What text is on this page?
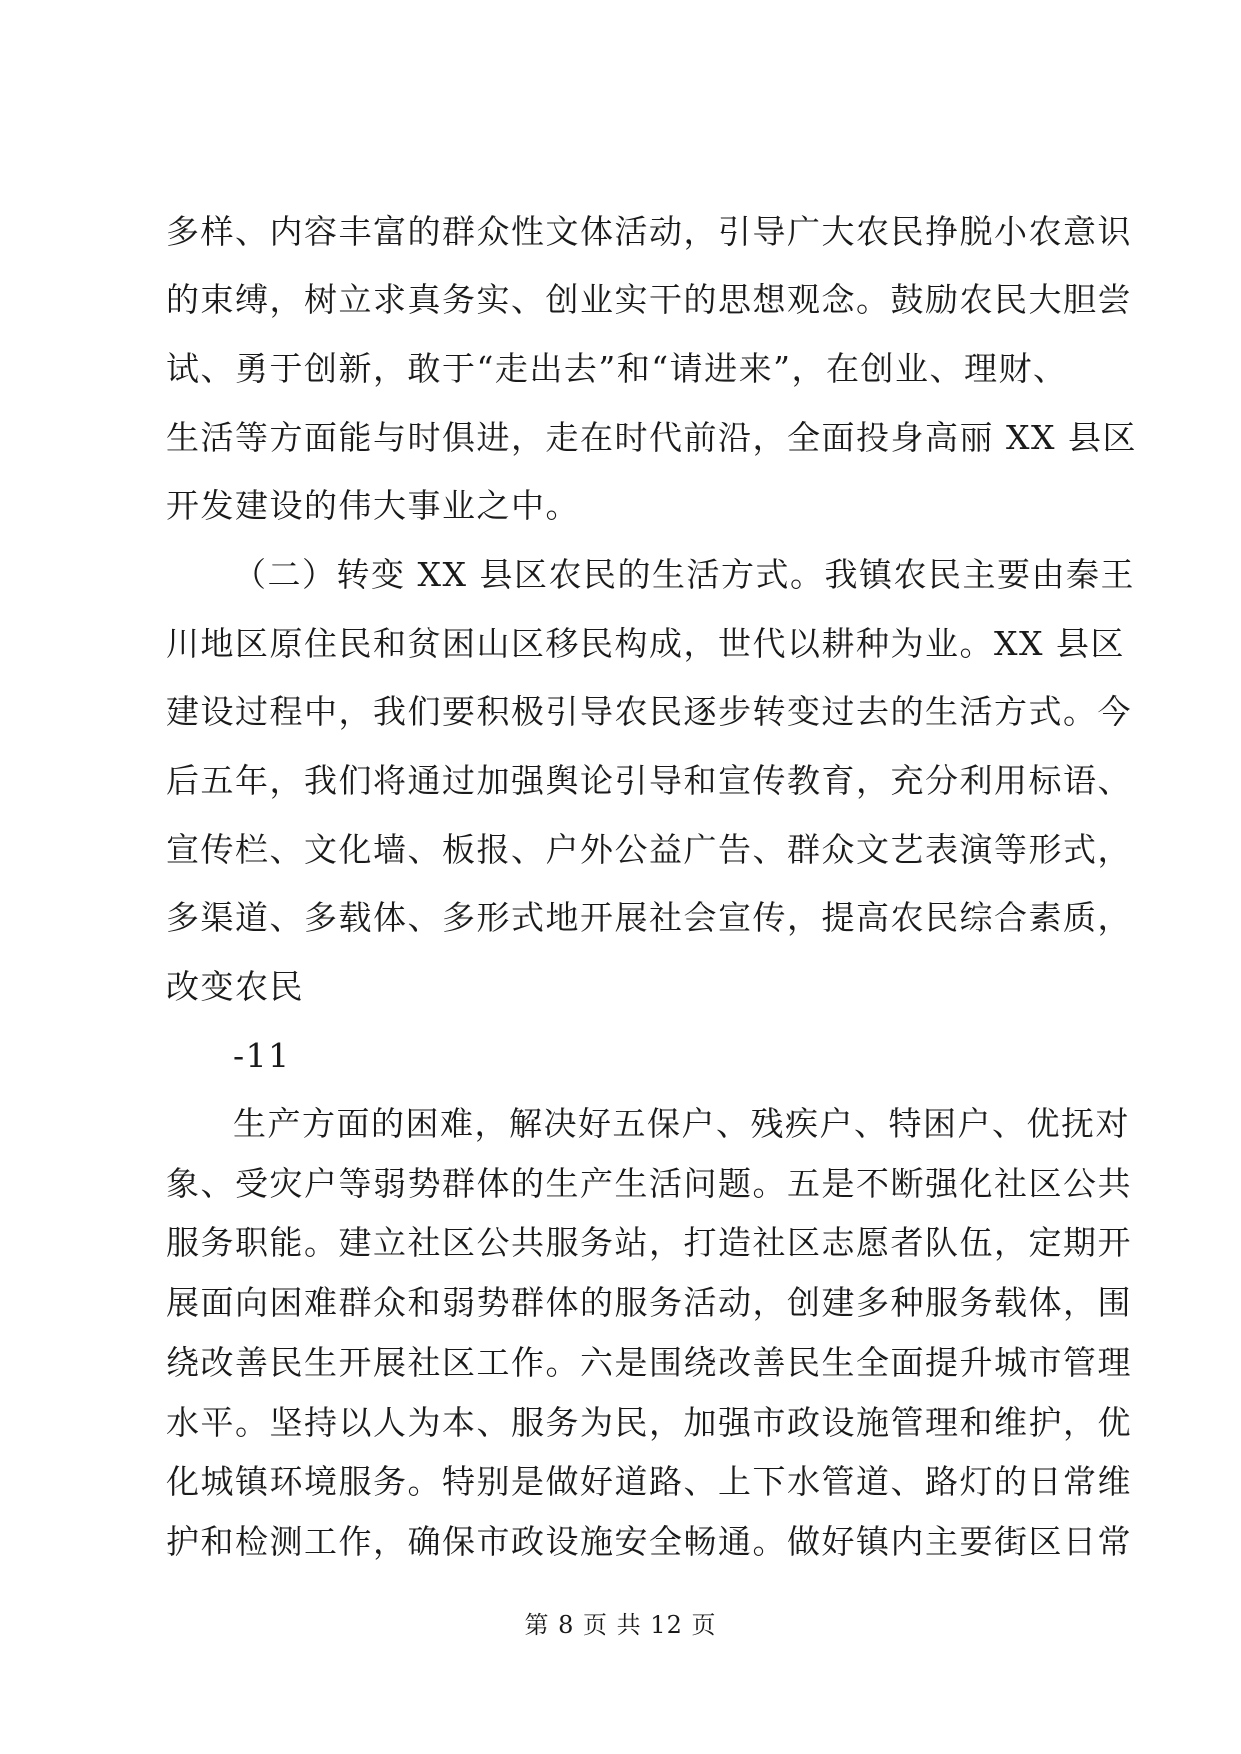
多样、内容丰富的群众性文体活动，引导广大农民挣脱小农意识
的束缚，树立求真务实、创业实干的思想观念。鼓励农民大胆尝
试、勇于创新，敢于“走出去”和“请进来”，在创业、理财、
生活等方面能与时俱进，走在时代前沿，全面投身高丽 XX 县区
开发建设的伟大事业之中。
（二）转变 XX 县区农民的生活方式。我镇农民主要由秦王
川地区原住民和贫困山区移民构成，世代以耕种为业。XX 县区
建设过程中，我们要积极引导农民逐步转变过去的生活方式。今
后五年，我们将通过加强舆论引导和宣传教育，充分利用标语、
宣传栏、文化墙、板报、户外公益广告、群众文艺表演等形式，
多渠道、多载体、多形式地开展社会宣传，提高农民综合素质，
改变农民
-11
生产方面的困难，解决好五保户、残疾户、特困户、优抚对
象、受灾户等弱势群体的生产生活问题。五是不断强化社区公共
服务职能。建立社区公共服务站，打造社区志愿者队伍，定期开
展面向困难群众和弱势群体的服务活动，创建多种服务载体，围
绕改善民生开展社区工作。六是围绕改善民生全面提升城市管理
水平。坚持以人为本、服务为民，加强市政设施管理和维护，优
化城镇环境服务。特别是做好道路、上下水管道、路灯的日常维
护和检测工作，确保市政设施安全畅通。做好镇内主要街区日常
第 8 页 共 12 页
